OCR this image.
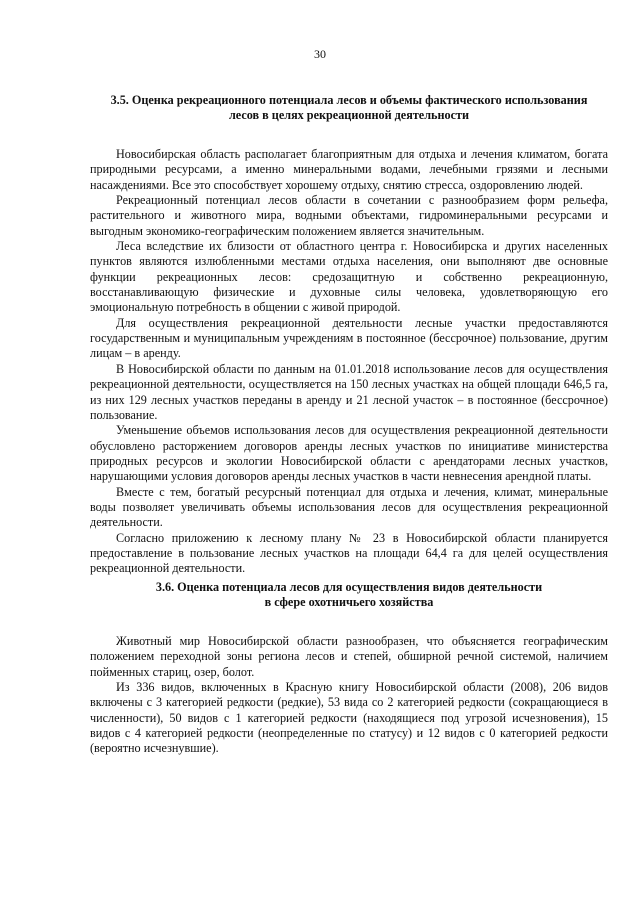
30
3.5. Оценка рекреационного потенциала лесов и объемы фактического использования
лесов в целях рекреационной деятельности

Новосибирская область располагает благоприятным для отдыха и лечения климатом, богата природными ресурсами, а именно минеральными водами, лечебными грязями и лесными насаждениями. Все это способствует хорошему отдыху, снятию стресса, оздоровлению людей.

Рекреационный потенциал лесов области в сочетании с разнообразием форм рельефа, растительного и животного мира, водными объектами, гидроминеральными ресурсами и выгодным экономико-географическим положением является значительным.

Леса вследствие их близости от областного центра г. Новосибирска и других населенных пунктов являются излюбленными местами отдыха населения, они выполняют две основные функции рекреационных лесов: средозащитную и собственно рекреационную, восстанавливающую физические и духовные силы человека, удовлетворяющую его эмоциональную потребность в общении с живой природой.

Для осуществления рекреационной деятельности лесные участки предоставляются государственным и муниципальным учреждениям в постоянное (бессрочное) пользование, другим лицам – в аренду.

В Новосибирской области по данным на 01.01.2018 использование лесов для осуществления рекреационной деятельности, осуществляется на 150 лесных участках на общей площади 646,5 га, из них 129 лесных участков переданы в аренду и 21 лесной участок – в постоянное (бессрочное) пользование.

Уменьшение объемов использования лесов для осуществления рекреационной деятельности обусловлено расторжением договоров аренды лесных участков по инициативе министерства природных ресурсов и экологии Новосибирской области с арендаторами лесных участков, нарушающими условия договоров аренды лесных участков в части невнесения арендной платы.

Вместе с тем, богатый ресурсный потенциал для отдыха и лечения, климат, минеральные воды позволяет увеличивать объемы использования лесов для осуществления рекреационной деятельности.

Согласно приложению к лесному плану № 23 в Новосибирской области планируется предоставление в пользование лесных участков на площади 64,4 га для целей осуществления рекреационной деятельности.

3.6. Оценка потенциала лесов для осуществления видов деятельности
в сфере охотничьего хозяйства

Животный мир Новосибирской области разнообразен, что объясняется географическим положением переходной зоны региона лесов и степей, обширной речной системой, наличием пойменных стариц, озер, болот.

Из 336 видов, включенных в Красную книгу Новосибирской области (2008), 206 видов включены с 3 категорией редкости (редкие), 53 вида со 2 категорией редкости (сокращающиеся в численности), 50 видов с 1 категорией редкости (находящиеся под угрозой исчезновения), 15 видов с 4 категорией редкости (неопределенные по статусу) и 12 видов с 0 категорией редкости (вероятно исчезнувшие).
